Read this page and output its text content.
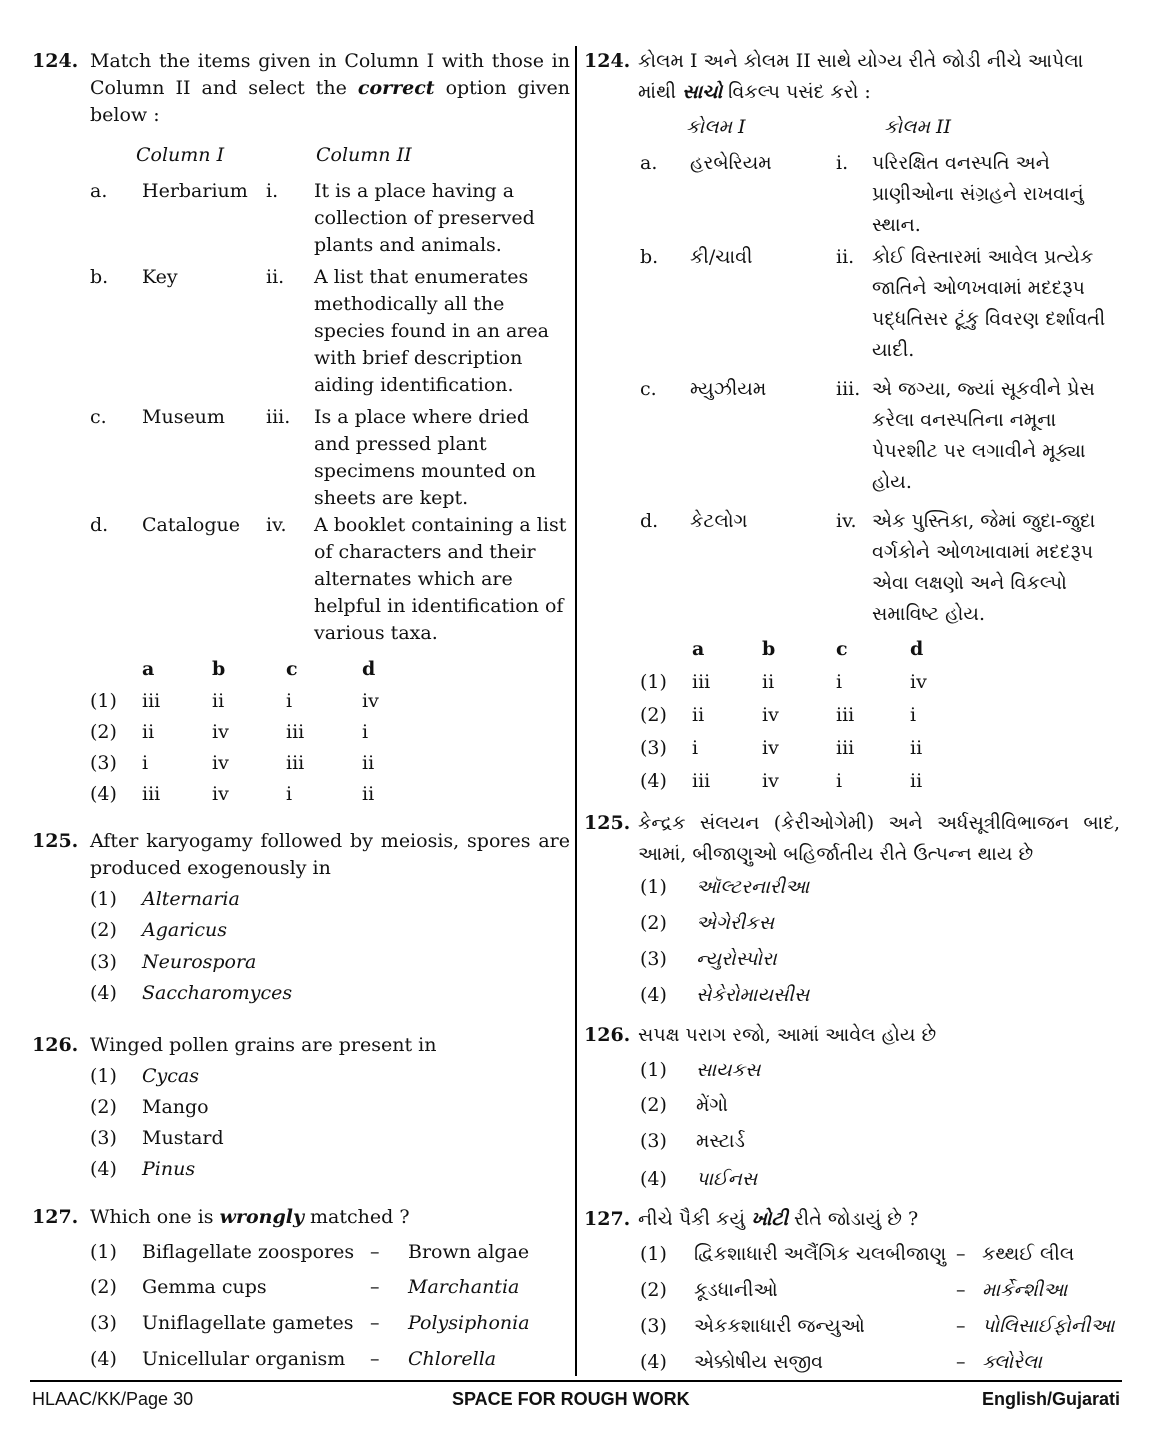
124. Match the items given in Column I with those in Column II and select the correct option given below :
Column I	Column II
a. Herbarium i. It is a place having a collection of preserved plants and animals.
b. Key	ii. A list that enumerates methodically all the species found in an area with brief description aiding identification.
c. Museum iii. Is a place where dried and pressed plant specimens mounted on sheets are kept.
d. Catalogue iv. A booklet containing a list of characters and their alternates which are helpful in identification of various taxa.
a	b	c	d
(1) iii	ii	i	iv
(2) ii	iv	iii	i
(3) i	iv	iii	ii
(4) iii	iv	i	ii
125. After karyogamy followed by meiosis, spores are produced exogenously in
(1) Alternaria
(2) Agaricus
(3) Neurospora
(4) Saccharomyces
126. Winged pollen grains are present in
(1) Cycas
(2) Mango
(3) Mustard
(4) Pinus
127. Which one is wrongly matched ?
(1) Biflagellate zoospores – Brown algae
(2) Gemma cups	– Marchantia
(3) Uniflagellate gametes – Polysiphonia
(4) Unicellular organism – Chlorella
124. કોલમ I અને કોલમ II સાથે યોગ્ય રીતે જોડી નીચે આપેલા માંથી સાચો વિકલ્પ પસંદ કરો :
કોલમ I	કોલમ II
a. હરબેરિયમ	i. પરિરક્ષિત વનસ્પતિ અને પ્રાણીઓના સંગ્રહને રાખવાનું સ્થાન.
b. કી/ચાવી	ii. કોઈ વિસ્તારમાં આવેલ પ્રત્યેક જાતિને ઓળખવામાં મદદરૂપ પદ્ધતિસર ટૂંકુ વિવરણ દર્શાવતી યાદી.
c. મ્યુઝીયમ	iii. એ જગ્યા, જ્યાં સૂકવીને પ્રેસ કરેલા વનસ્પતિના નમૂના પેપરશીટ પર લગાવીને મૂક્યા હોય.
d. કેટલોગ	iv. એક પુસ્તિકા, જેમાં જુદા-જુદા વર્ગકોને ઓળખાવામાં મદદરૂપ એવા લક્ષણો અને વિકલ્પો સમાવિષ્ટ હોય.
a	b	c	d
(1) iii	ii	i	iv
(2) ii	iv	iii	i
(3) i	iv	iii	ii
(4) iii	iv	i	ii
125. કેન્દ્રક સંલયન (કેરીઓગેમી) અને અર્ધસૂત્રીવિભાજન બાદ, આમાં, બીજાણુઓ બહિર્જાતીય રીતે ઉત્પન્ન થાય છે
(1) ઑલ્ટરનારીઆ
(2) એગેરીકસ
(3) ન્યુરોસ્પોરા
(4) સેકેરોમાયસીસ
126. સપક્ષ પરાગ રજો, આમાં આવેલ હોય છે
(1) સાયકસ
(2) મેંગો
(3) મસ્ટાર્ડ
(4) પાઈનસ
127. નીચે પૈકી કયું ખોટી રીતે જોડાયું છે ?
(1) દ્વિકશાધારી અલૈંગિક ચલબીજાણુ – કથ્થઈ લીલ
(2) કૂડધાનીઓ	– માર્કેન્શીઆ
(3) એકકશાધારી જન્યુઓ	– પોલિસાઈફોનીઆ
(4) એક્કોષીય સજીવ	– ક્લોરેલા
HLAAC/KK/Page 30	SPACE FOR ROUGH WORK	English/Gujarati
